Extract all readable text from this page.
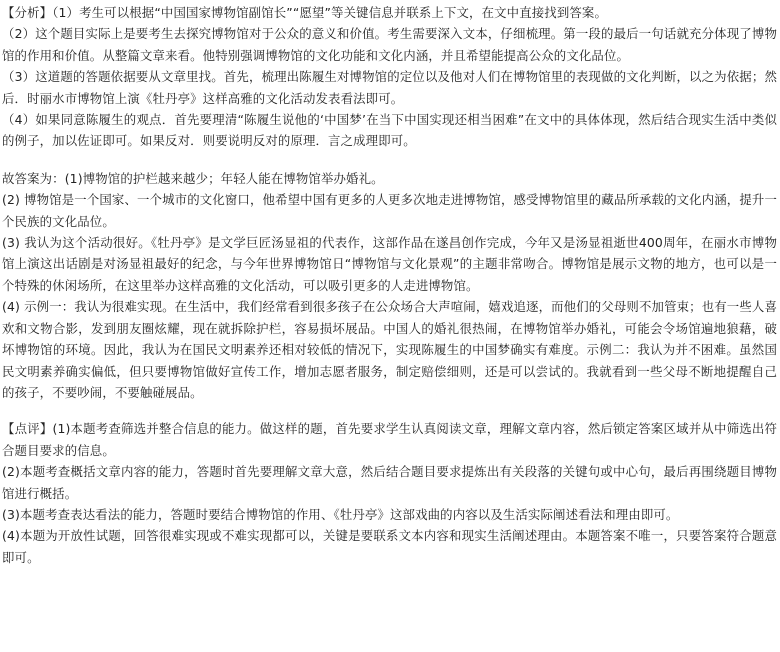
【分析】（1）考生可以根据“中国国家博物馆副馆长”“愿望”等关键信息并联系上下文，在文中直接找到答案。

（2）这个题目实际上是要考生去探究博物馆对于公众的意义和价值。考生需要深入文本，仔细梳理。第一段的最后一句话就充分体现了博物馆的作用和价值。从整篇文章来看。他特别强调博物馆的文化功能和文化内涵，并且希望能提高公众的文化品位。

（3）这道题的答题依据要从文章里找。首先，梳理出陈履生对博物馆的定位以及他对人们在博物馆里的表现做的文化判断，以之为依据；然后．时丽水市博物馆上演《牡丹亭》这样高雅的文化活动发表看法即可。

（4）如果同意陈履生的观点．首先要理清“陈履生说他的‘中国梦’在当下中国实现还相当困难”在文中的具体体现，然后结合现实生活中类似的例子，加以佐证即可。如果反对．则要说明反对的原理．言之成理即可。

故答案为：(1)博物馆的护栏越来越少；年轻人能在博物馆举办婚礼。

(2) 博物馆是一个国家、一个城市的文化窗口，他希望中国有更多的人更多次地走进博物馆，感受博物馆里的藏品所承载的文化内涵，提升一个民族的文化品位。

(3) 我认为这个活动很好。《牡丹亭》是文学巨匠汤显祖的代表作，这部作品在遂昌创作完成，今年又是汤显祖逝世400周年，在丽水市博物馆上演这出话剧是对汤显祖最好的纪念，与今年世界博物馆日“博物馆与文化景观”的主题非常吻合。博物馆是展示文物的地方，也可以是一个特殊的休闲场所，在这里举办这样高雅的文化活动，可以吸引更多的人走进博物馆。

(4) 示例一：我认为很难实现。在生活中，我们经常看到很多孩子在公众场合大声喧闹，嬉戏追逐，而他们的父母则不加管束；也有一些人喜欢和文物合影，发到朋友圈炫耀，现在就拆除护栏，容易损坏展品。中国人的婚礼很热闹，在博物馆举办婚礼，可能会令场馆遍地狼藉，破坏博物馆的环境。因此，我认为在国民文明素养还相对较低的情况下，实现陈履生的中国梦确实有难度。示例二：我认为并不困难。虽然国民文明素养确实偏低，但只要博物馆做好宣传工作，增加志愿者服务，制定赔偿细则，还是可以尝试的。我就看到一些父母不断地提醒自己的孩子，不要吵闹，不要触碰展品。

【点评】(1)本题考查筛选并整合信息的能力。做这样的题，首先要求学生认真阅读文章，理解文章内容，然后锁定答案区域并从中筛选出符合题目要求的信息。

(2)本题考查概括文章内容的能力，答题时首先要理解文章大意，然后结合题目要求提炼出有关段落的关键句或中心句，最后再围绕题目博物馆进行概括。

(3)本题考查表达看法的能力，答题时要结合博物馆的作用、《牡丹亭》这部戏曲的内容以及生活实际阐述看法和理由即可。

(4)本题为开放性试题，回答很难实现或不难实现都可以，关键是要联系文本内容和现实生活阐述理由。本题答案不唯一，只要答案符合题意即可。
